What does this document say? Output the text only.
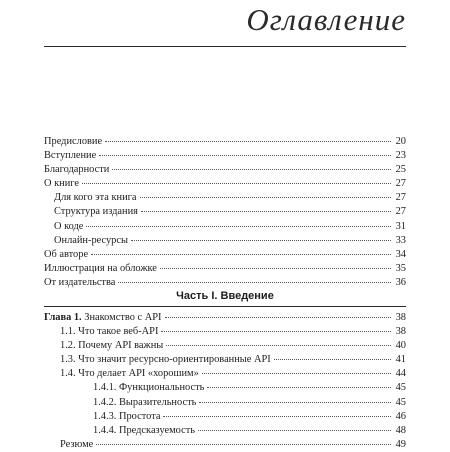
Оглавление
Предисловие	20
Вступление	23
Благодарности	25
О книге	27
Для кого эта книга	27
Структура издания	27
О коде	31
Онлайн-ресурсы	33
Об авторе	34
Иллюстрация на обложке	35
От издательства	36
Часть I. Введение
Глава 1. Знакомство с API	38
1.1. Что такое веб-API	38
1.2. Почему API важны	40
1.3. Что значит ресурсно-ориентированные API	41
1.4. Что делает API «хорошим»	44
1.4.1. Функциональность	45
1.4.2. Выразительность	45
1.4.3. Простота	46
1.4.4. Предсказуемость	48
Резюме	49
